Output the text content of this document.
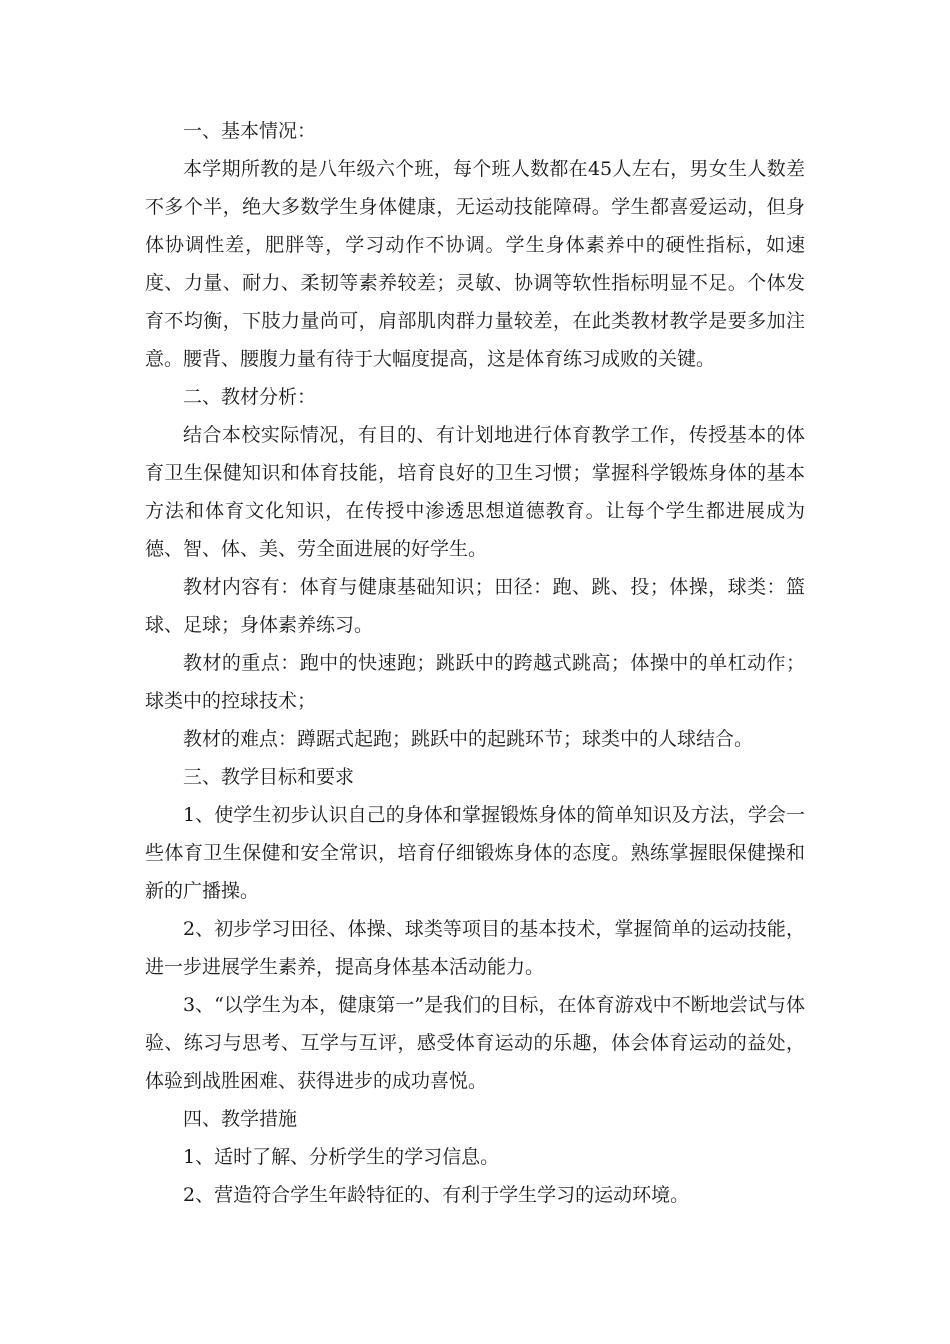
一、基本情况：

本学期所教的是八年级六个班，每个班人数都在45人左右，男女生人数差不多个半，绝大多数学生身体健康，无运动技能障碍。学生都喜爱运动，但身体协调性差，肥胖等，学习动作不协调。学生身体素养中的硬性指标，如速度、力量、耐力、柔韧等素养较差；灵敏、协调等软性指标明显不足。个体发育不均衡，下肢力量尚可，肩部肌肉群力量较差，在此类教材教学是要多加注意。腰背、腰腹力量有待于大幅度提高，这是体育练习成败的关键。

二、教材分析：

结合本校实际情况，有目的、有计划地进行体育教学工作，传授基本的体育卫生保健知识和体育技能，培育良好的卫生习惯；掌握科学锻炼身体的基本方法和体育文化知识，在传授中渗透思想道德教育。让每个学生都进展成为德、智、体、美、劳全面进展的好学生。

教材内容有：体育与健康基础知识；田径：跑、跳、投；体操，球类：篮球、足球；身体素养练习。

教材的重点：跑中的快速跑；跳跃中的跨越式跳高；体操中的单杠动作；球类中的控球技术；

教材的难点：蹲踞式起跑；跳跃中的起跳环节；球类中的人球结合。

三、教学目标和要求

1、使学生初步认识自己的身体和掌握锻炼身体的简单知识及方法，学会一些体育卫生保健和安全常识，培育仔细锻炼身体的态度。熟练掌握眼保健操和新的广播操。

2、初步学习田径、体操、球类等项目的基本技术，掌握简单的运动技能，进一步进展学生素养，提高身体基本活动能力。

3、“以学生为本，健康第一”是我们的目标，在体育游戏中不断地尝试与体验、练习与思考、互学与互评，感受体育运动的乐趣，体会体育运动的益处，体验到战胜困难、获得进步的成功喜悦。

四、教学措施

1、适时了解、分析学生的学习信息。

2、营造符合学生年龄特征的、有利于学生学习的运动环境。
